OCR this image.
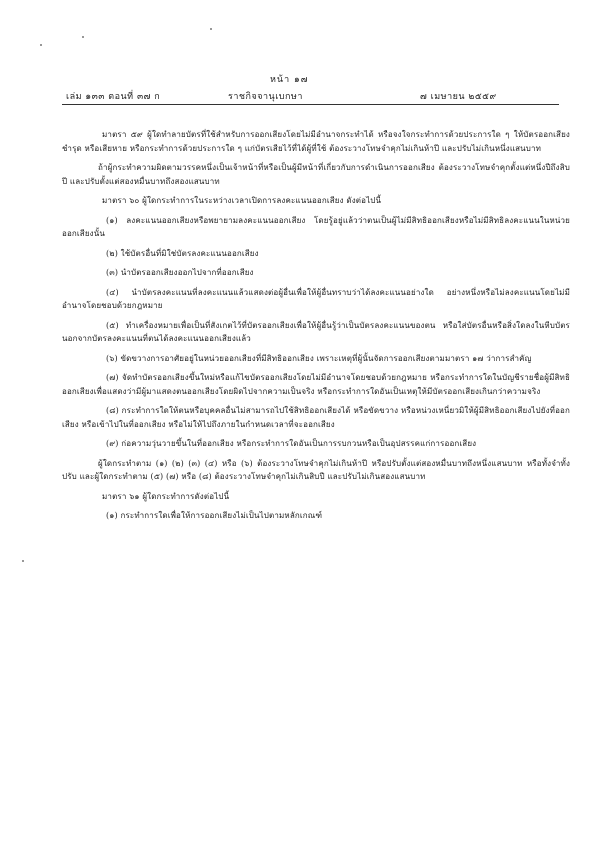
หน้า ๑๗
เล่ม ๑๓๓ ตอนที่ ๓๗ ก	ราชกิจจานุเบกษา	๗ เมษายน ๒๕๕๙

มาตรา ๕๙ ผู้ใดทำลายบัตรที่ใช้สำหรับการออกเสียงโดยไม่มีอำนาจกระทำได้ หรือจงใจกระทำการด้วยประการใด ๆ ให้บัตรออกเสียงชำรุด หรือเสียหาย หรือกระทำการด้วยประการใด ๆ แก่บัตรเสียไว้ที่ได้ผู้ที่ใช้ ต้องระวางโทษจำคุกไม่เกินห้าปี และปรับไม่เกินหนึ่งแสนบาท

ถ้าผู้กระทำความผิดตามวรรคหนึ่งเป็นเจ้าหน้าที่หรือเป็นผู้มีหน้าที่เกี่ยวกับการดำเนินการออกเสียง ต้องระวางโทษจำคุกตั้งแต่หนึ่งปีถึงสิบปี และปรับตั้งแต่สองหมื่นบาทถึงสองแสนบาท

มาตรา ๖๐ ผู้ใดกระทำการในระหว่างเวลาเปิดการลงคะแนนออกเสียง ดังต่อไปนี้

(๑) ลงคะแนนออกเสียงหรือพยายามลงคะแนนออกเสียง โดยรู้อยู่แล้วว่าตนเป็นผู้ไม่มีสิทธิออกเสียงหรือไม่มีสิทธิลงคะแนนในหน่วยออกเสียงนั้น

(๒) ใช้บัตรอื่นที่มิใช่บัตรลงคะแนนออกเสียง

(๓) นำบัตรออกเสียงออกไปจากที่ออกเสียง

(๔) นำบัตรลงคะแนนที่ลงคะแนนแล้วแสดงต่อผู้อื่นเพื่อให้ผู้อื่นทราบว่าได้ลงคะแนนอย่างใด อย่างหนึ่งหรือไม่ลงคะแนนโดยไม่มีอำนาจโดยชอบด้วยกฎหมาย

(๕) ทำเครื่องหมายเพื่อเป็นที่สังเกตไว้ที่บัตรออกเสียงเพื่อให้ผู้อื่นรู้ว่าเป็นบัตรลงคะแนนของตน หรือใส่บัตรอื่นหรือสิ่งใดลงในหีบบัตรนอกจากบัตรลงคะแนนที่ตนได้ลงคะแนนออกเสียงแล้ว

(๖) ขัดขวางการอาศัยอยู่ในหน่วยออกเสียงที่มีสิทธิออกเสียง เพราะเหตุที่ผู้นั้นจัดการออกเสียงตามมาตรา ๑๗ ว่าการสำคัญ

(๗) จัดทำบัตรออกเสียงขึ้นใหม่หรือแก้ไขบัตรออกเสียงโดยไม่มีอำนาจโดยชอบด้วยกฎหมาย หรือกระทำการใดในบัญชีรายชื่อผู้มีสิทธิออกเสียงเพื่อแสดงว่ามีผู้มาแสดงตนออกเสียงโดยผิดไปจากความเป็นจริง หรือกระทำการใดอันเป็นเหตุให้มีบัตรออกเสียงเกินกว่าความจริง

(๘) กระทำการใดให้ตนหรือบุคคลอื่นไม่สามารถไปใช้สิทธิออกเสียงได้ หรือขัดขวาง หรือหน่วงเหนี่ยวมิให้ผู้มีสิทธิออกเสียงไปยังที่ออกเสียง หรือเข้าไปในที่ออกเสียง หรือไม่ให้ไปถึงภายในกำหนดเวลาที่จะออกเสียง

(๙) ก่อความวุ่นวายขึ้นในที่ออกเสียง หรือกระทำการใดอันเป็นการรบกวนหรือเป็นอุปสรรคแก่การออกเสียง

ผู้ใดกระทำตาม (๑) (๒) (๓) (๔) หรือ (๖) ต้องระวางโทษจำคุกไม่เกินห้าปี หรือปรับตั้งแต่สองหมื่นบาทถึงหนึ่งแสนบาท หรือทั้งจำทั้งปรับ และผู้ใดกระทำตาม (๕) (๗) หรือ (๘) ต้องระวางโทษจำคุกไม่เกินสิบปี และปรับไม่เกินสองแสนบาท

มาตรา ๖๑ ผู้ใดกระทำการดังต่อไปนี้

(๑) กระทำการใดเพื่อให้การออกเสียงไม่เป็นไปตามหลักเกณฑ์
